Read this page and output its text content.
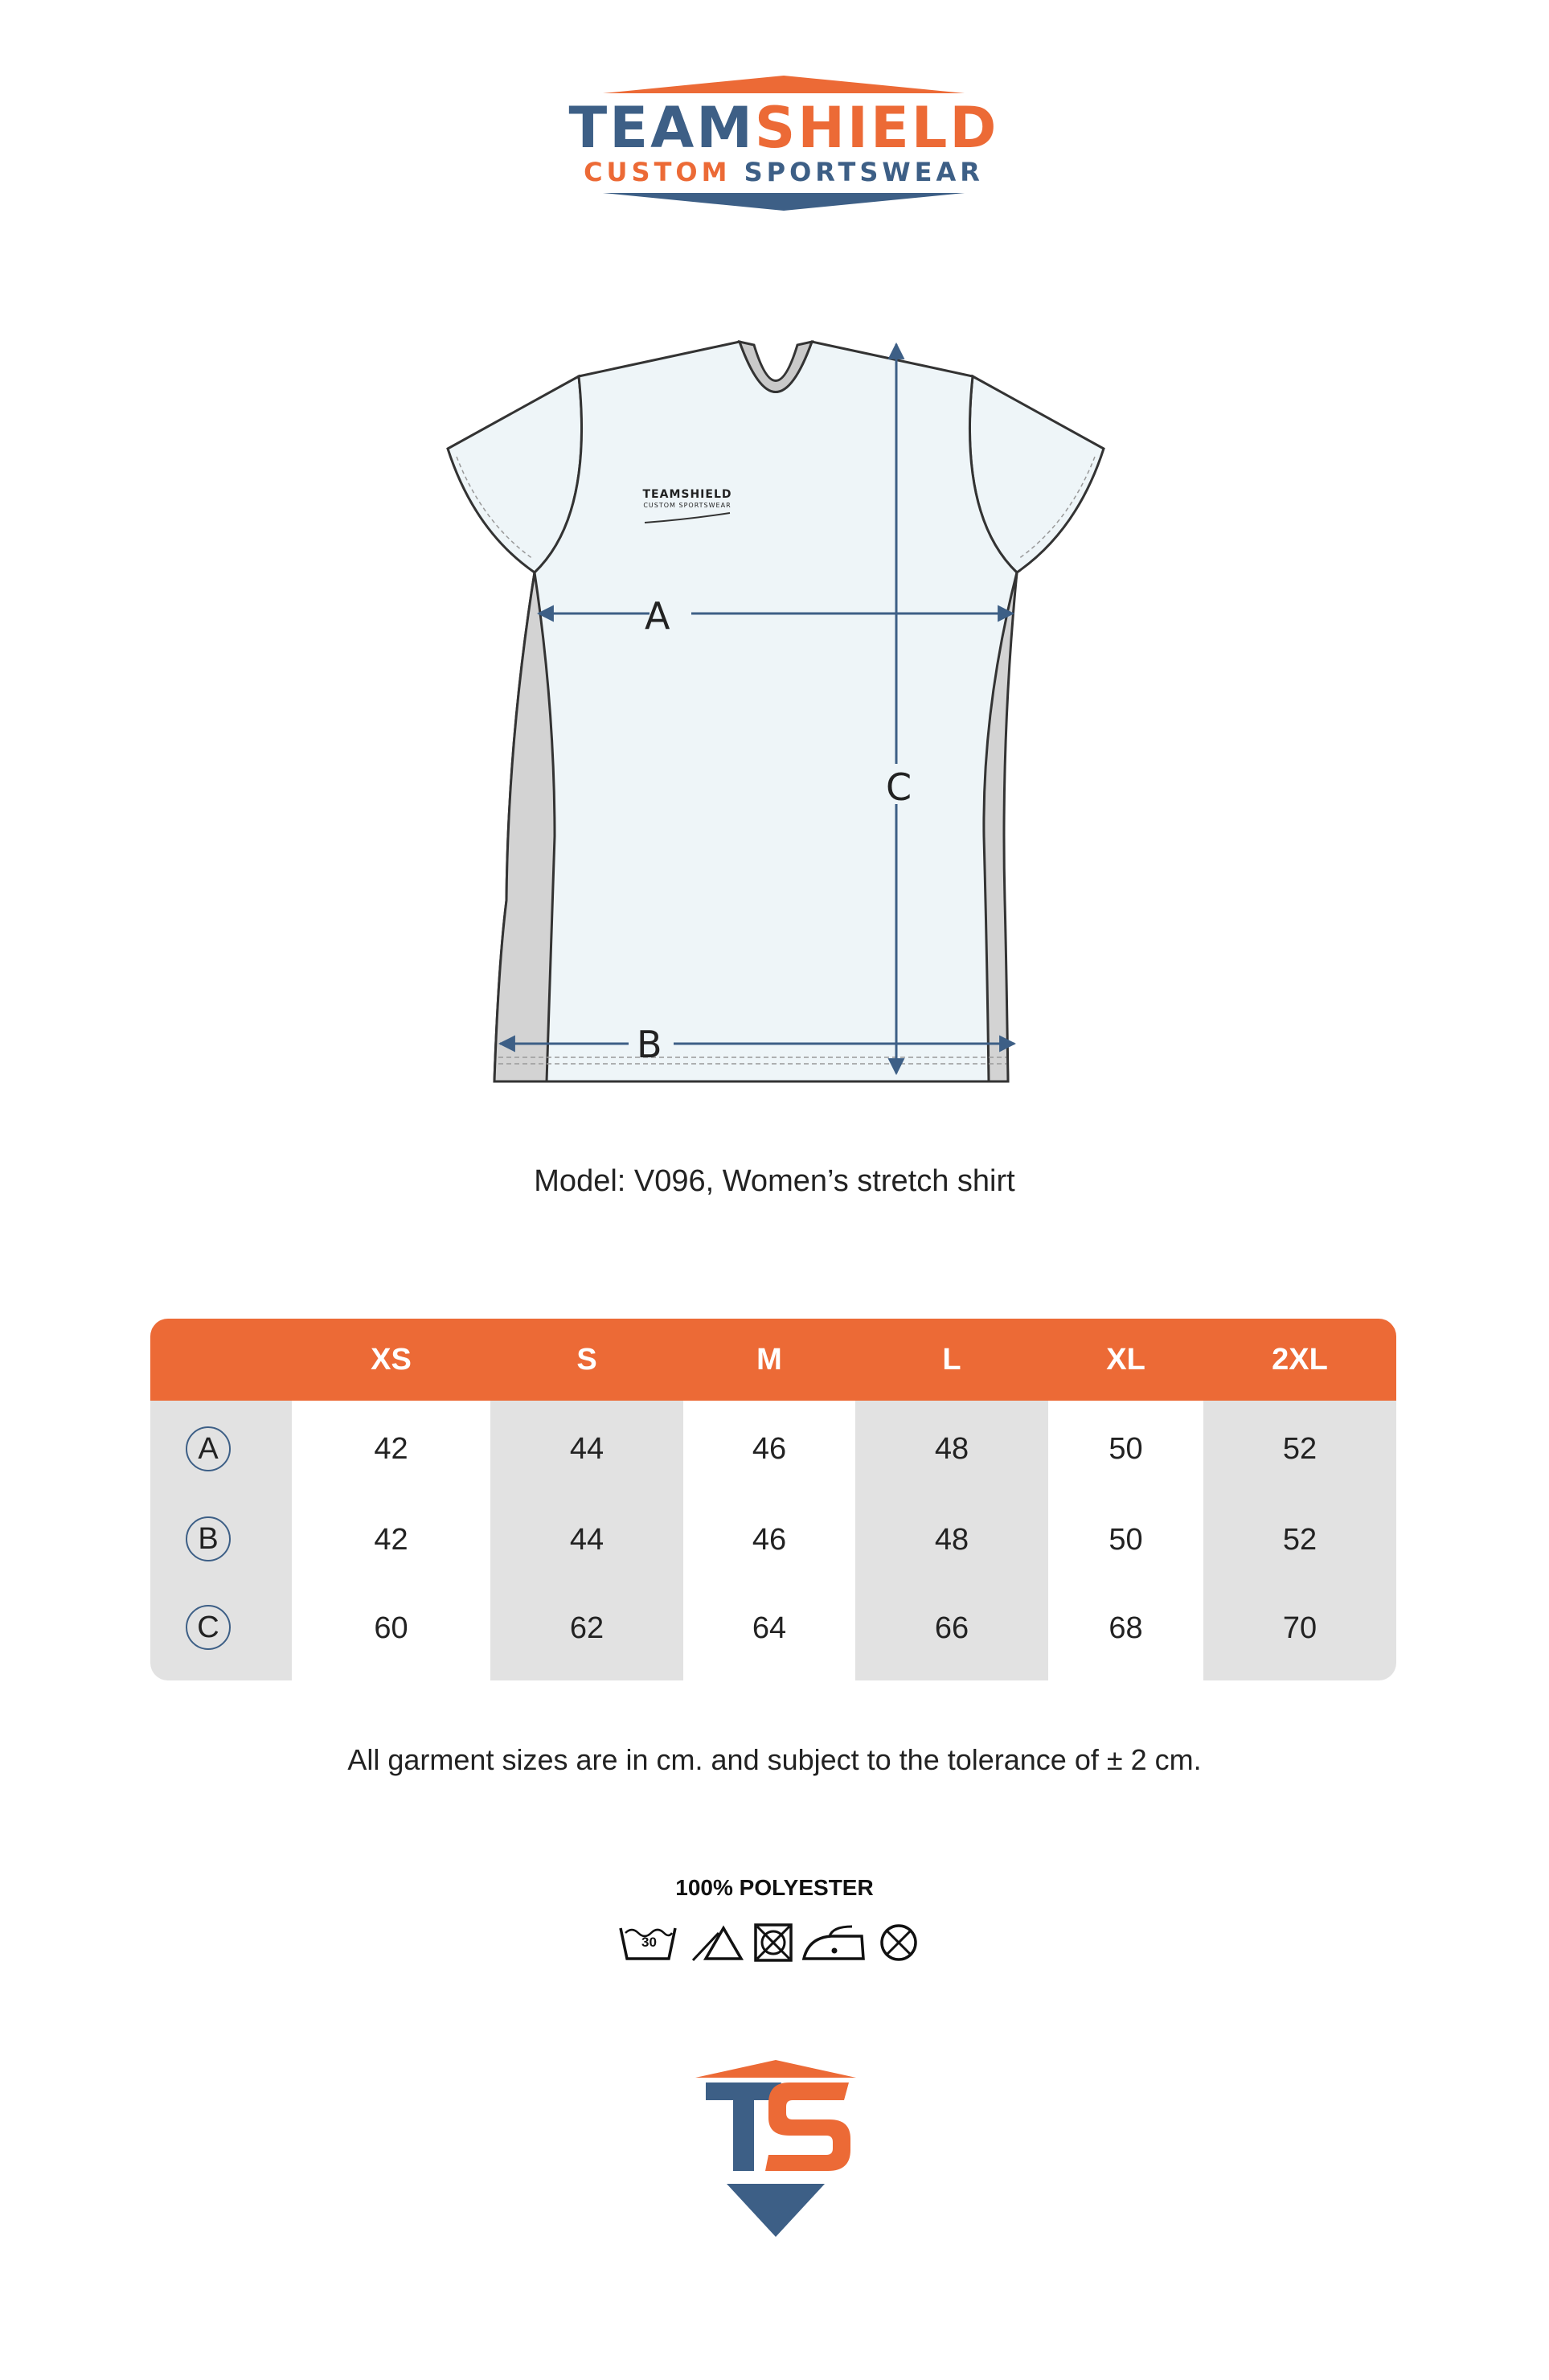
TEAMSHIELD
CUSTOM SPORTSWEAR
A
C
B
TEAMSHIELD
CUSTOM SPORTSWEAR
Model: V096, Women’s stretch shirt
XS	S	M	L	XL	2XL
A	42	44	46	48	50	52
B	42	44	46	48	50	52
C	60	62	64	66	68	70
All garment sizes are in cm. and subject to the tolerance of ± 2 cm.
100% POLYESTER
30
